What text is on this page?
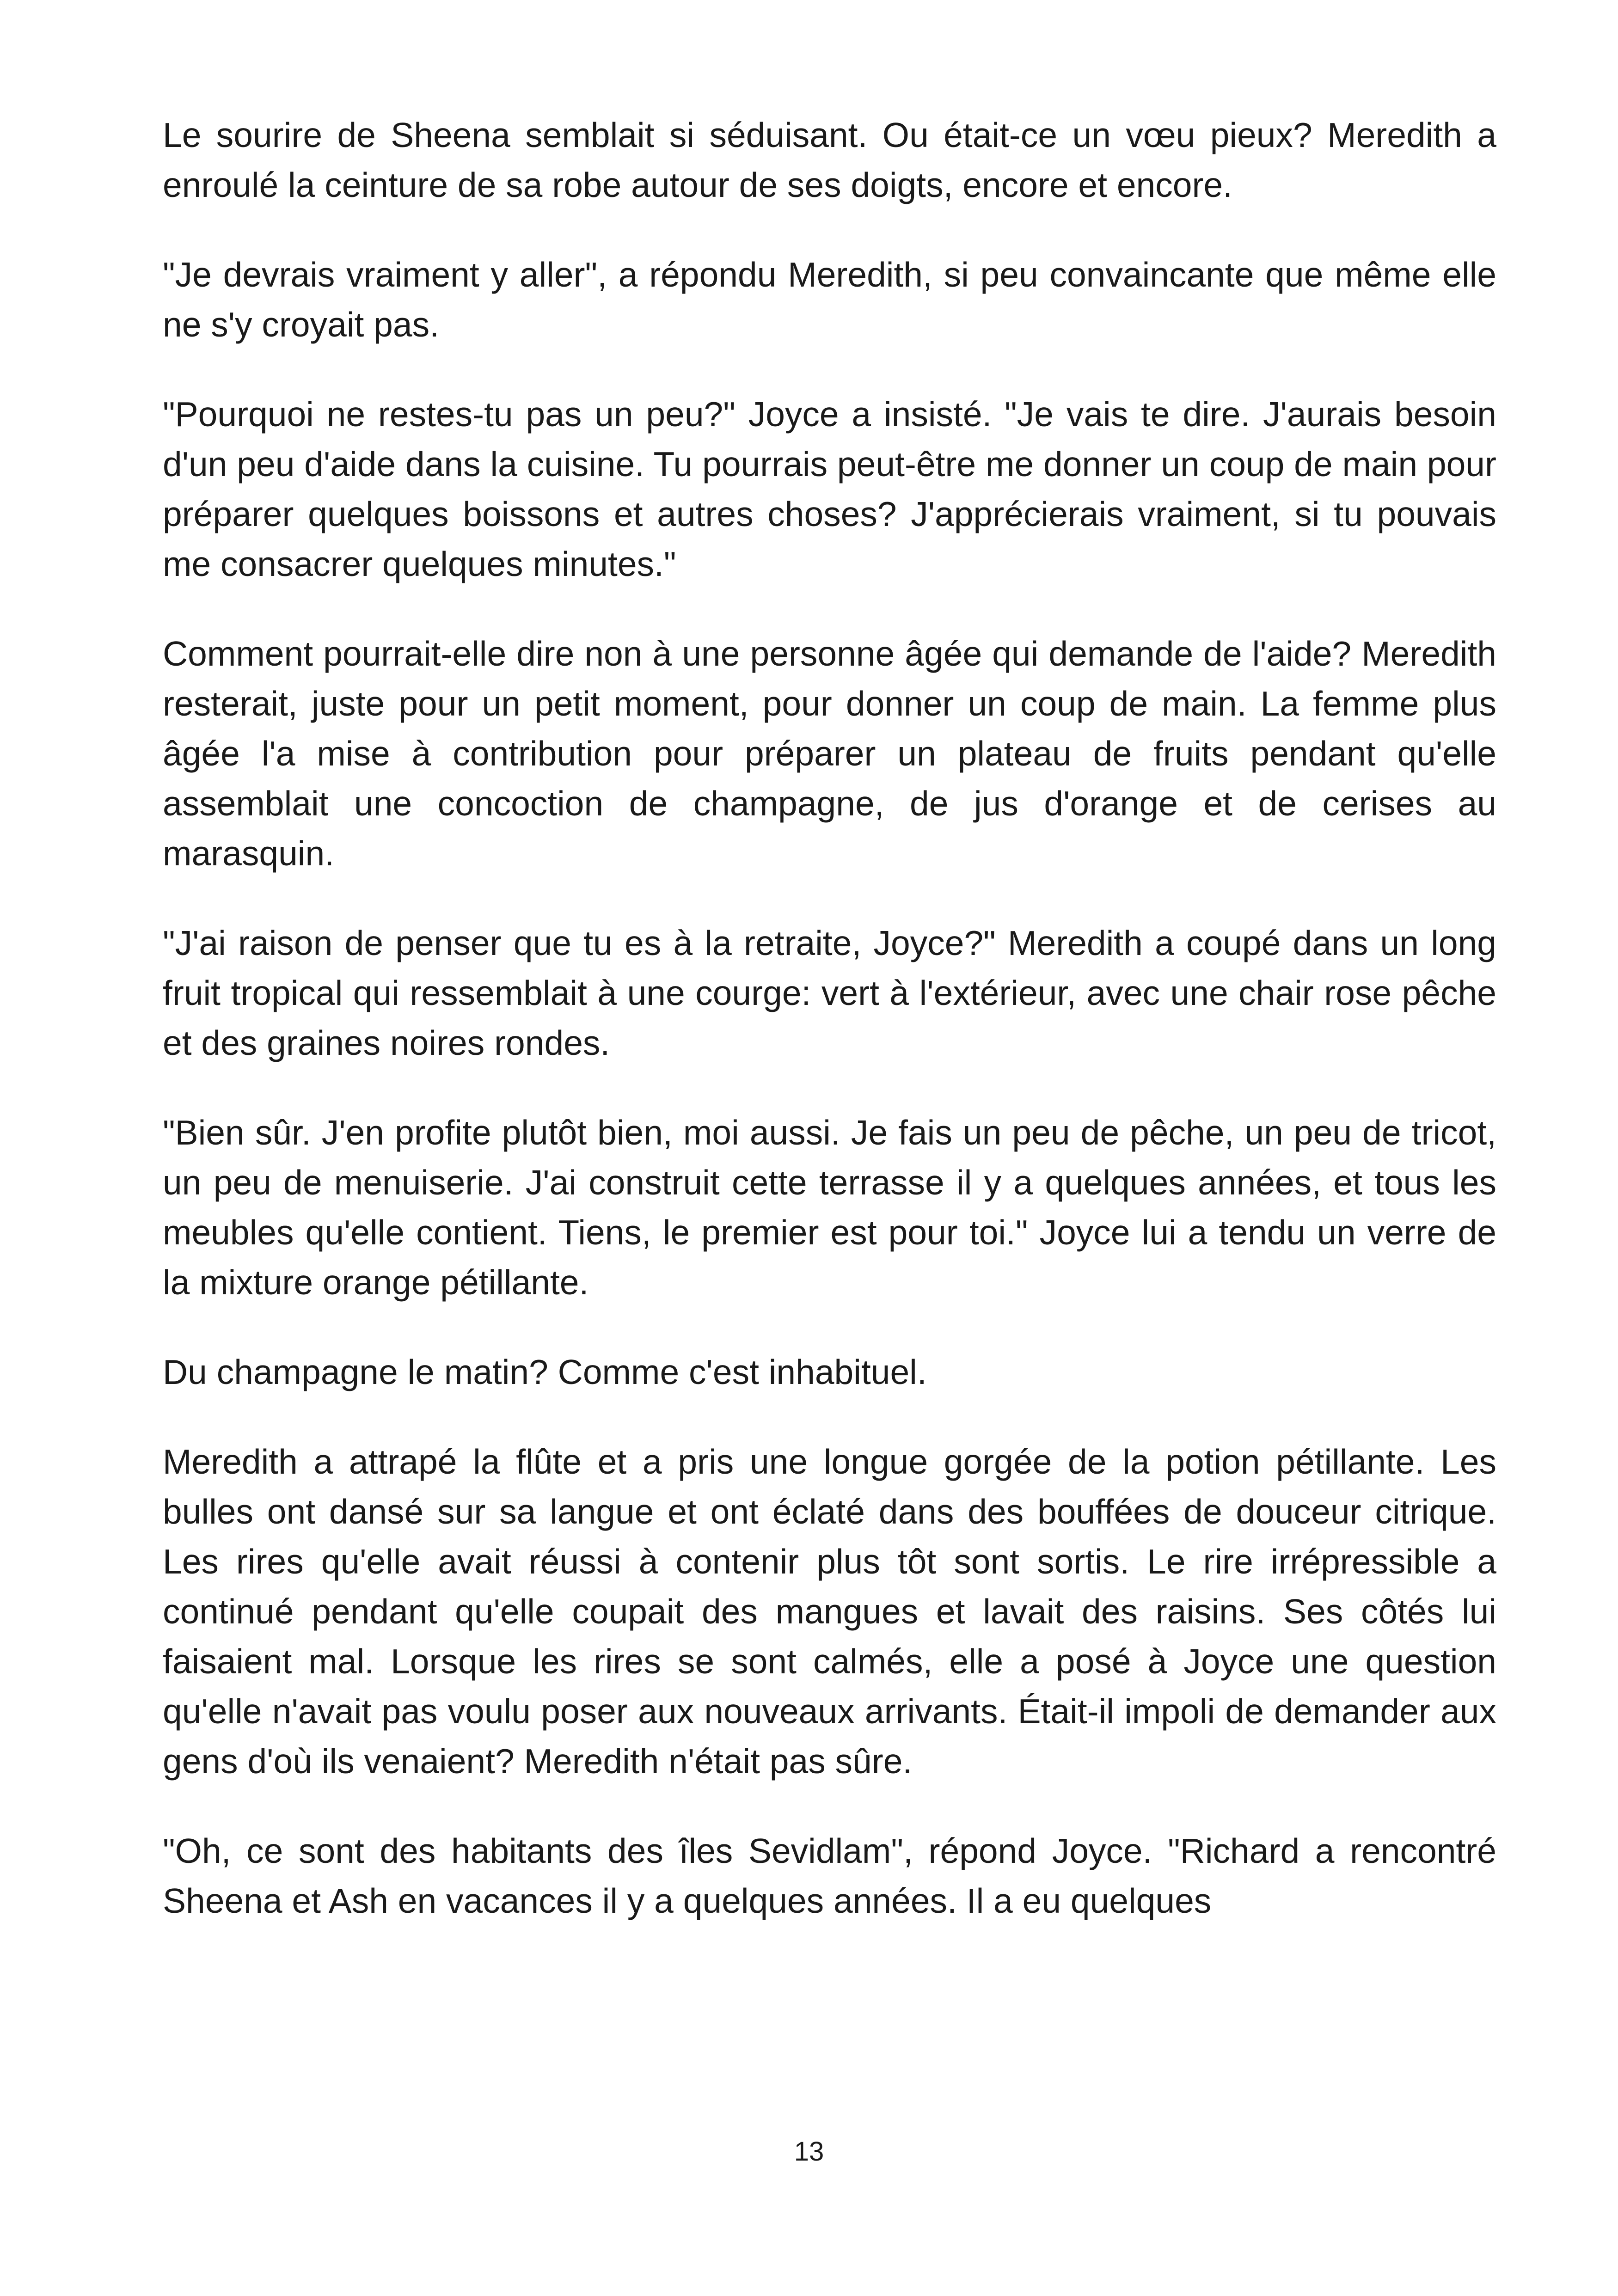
Le sourire de Sheena semblait si séduisant. Ou était-ce un vœu pieux? Meredith a enroulé la ceinture de sa robe autour de ses doigts, encore et encore.

"Je devrais vraiment y aller", a répondu Meredith, si peu convaincante que même elle ne s'y croyait pas.

"Pourquoi ne restes-tu pas un peu?" Joyce a insisté. "Je vais te dire. J'aurais besoin d'un peu d'aide dans la cuisine. Tu pourrais peut-être me donner un coup de main pour préparer quelques boissons et autres choses? J'apprécierais vraiment, si tu pouvais me consacrer quelques minutes."

Comment pourrait-elle dire non à une personne âgée qui demande de l'aide? Meredith resterait, juste pour un petit moment, pour donner un coup de main. La femme plus âgée l'a mise à contribution pour préparer un plateau de fruits pendant qu'elle assemblait une concoction de champagne, de jus d'orange et de cerises au marasquin.

"J'ai raison de penser que tu es à la retraite, Joyce?" Meredith a coupé dans un long fruit tropical qui ressemblait à une courge: vert à l'extérieur, avec une chair rose pêche et des graines noires rondes.

"Bien sûr. J'en profite plutôt bien, moi aussi. Je fais un peu de pêche, un peu de tricot, un peu de menuiserie. J'ai construit cette terrasse il y a quelques années, et tous les meubles qu'elle contient. Tiens, le premier est pour toi." Joyce lui a tendu un verre de la mixture orange pétillante.

Du champagne le matin? Comme c'est inhabituel.

Meredith a attrapé la flûte et a pris une longue gorgée de la potion pétillante. Les bulles ont dansé sur sa langue et ont éclaté dans des bouffées de douceur citrique. Les rires qu'elle avait réussi à contenir plus tôt sont sortis. Le rire irrépressible a continué pendant qu'elle coupait des mangues et lavait des raisins. Ses côtés lui faisaient mal. Lorsque les rires se sont calmés, elle a posé à Joyce une question qu'elle n'avait pas voulu poser aux nouveaux arrivants. Était-il impoli de demander aux gens d'où ils venaient? Meredith n'était pas sûre.

"Oh, ce sont des habitants des îles Sevidlam", répond Joyce. "Richard a rencontré Sheena et Ash en vacances il y a quelques années. Il a eu quelques

13
